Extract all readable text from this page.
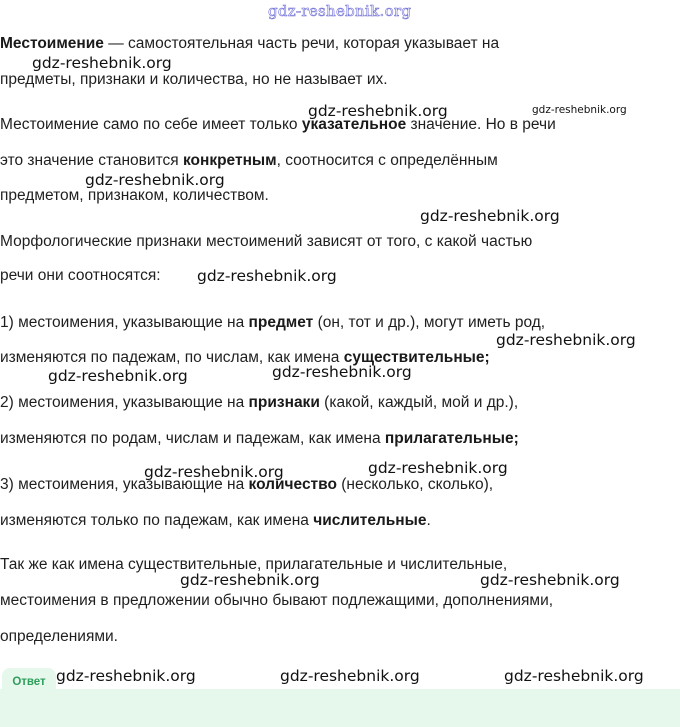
Местоимение — самостоятельная часть речи, которая указывает на

предметы, признаки и количества, но не называет их.

Местоимение само по себе имеет только указательное значение. Но в речи

это значение становится конкретным, соотносится с определённым

предметом, признаком, количеством.

Морфологические признаки местоимений зависят от того, с какой частью

речи они соотносятся:

1) местоимения, указывающие на предмет (он, тот и др.), могут иметь род,

изменяются по падежам, по числам, как имена существительные;

2) местоимения, указывающие на признаки (какой, каждый, мой и др.),

изменяются по родам, числам и падежам, как имена прилагательные;

3) местоимения, указывающие на количество (несколько, сколько),

изменяются только по падежам, как имена числительные.

Так же как имена существительные, прилагательные и числительные,

местоимения в предложении обычно бывают подлежащими, дополнениями,

определениями.

Ответ
gdz-reshebnik.org
gdz-reshebnik.org
gdz-reshebnik.org	gdz-reshebnik.org
gdz-reshebnik.org
gdz-reshebnik.org
gdz-reshebnik.org
gdz-reshebnik.org
gdz-reshebnik.org
gdz-reshebnik.org
gdz-reshebnik.org
gdz-reshebnik.org
gdz-reshebnik.org	gdz-reshebnik.org
gdz-reshebnik.org	gdz-reshebnik.org	gdz-reshebnik.org
